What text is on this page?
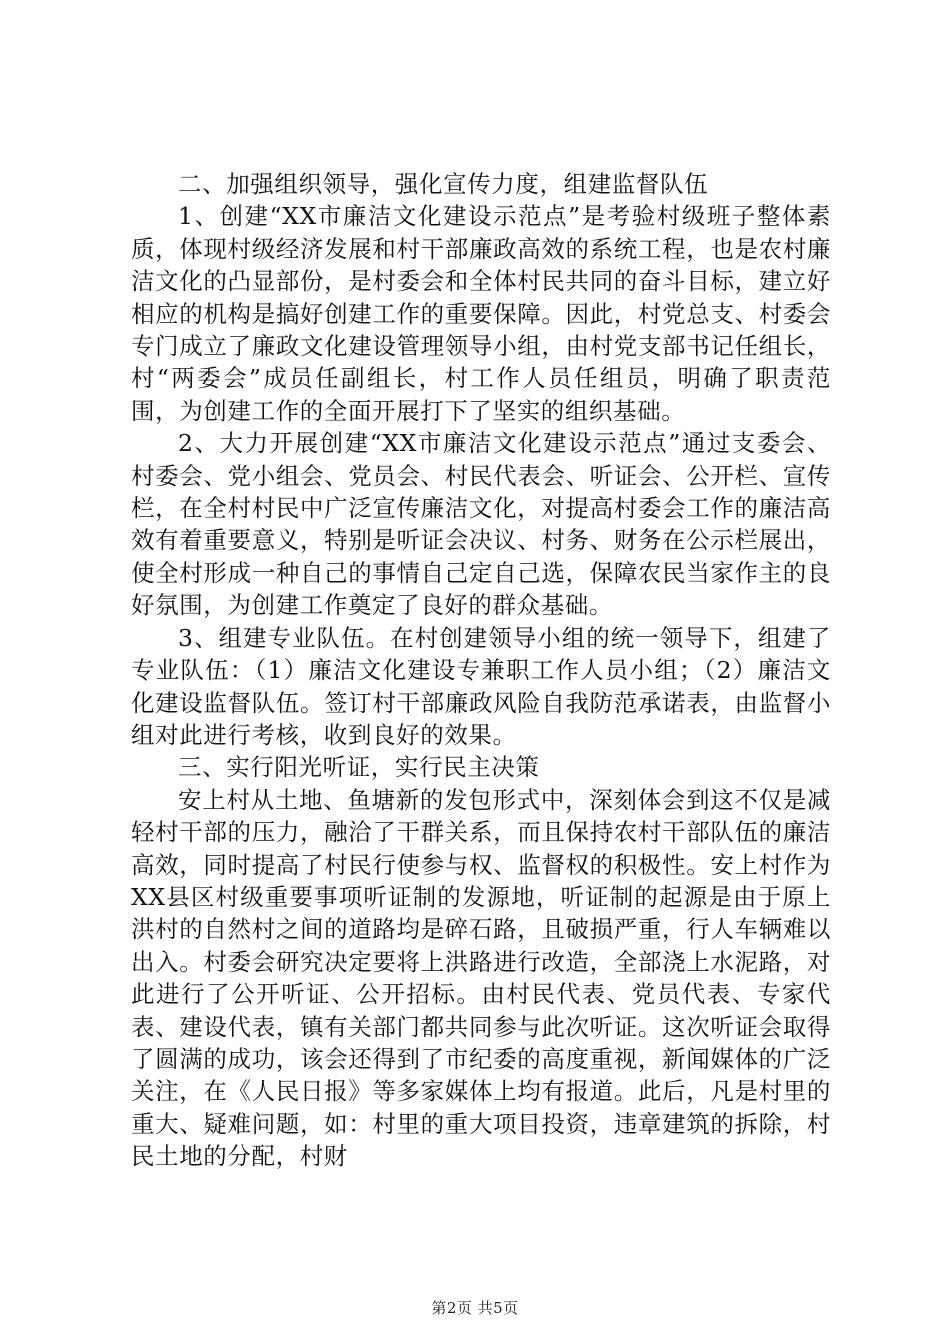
二、加强组织领导，强化宣传力度，组建监督队伍

1、创建“XX市廉洁文化建设示范点”是考验村级班子整体素质，体现村级经济发展和村干部廉政高效的系统工程，也是农村廉洁文化的凸显部份，是村委会和全体村民共同的奋斗目标，建立好相应的机构是搞好创建工作的重要保障。因此，村党总支、村委会专门成立了廉政文化建设管理领导小组，由村党支部书记任组长，村“两委会”成员任副组长，村工作人员任组员，明确了职责范围，为创建工作的全面开展打下了坚实的组织基础。

2、大力开展创建“XX市廉洁文化建设示范点”通过支委会、村委会、党小组会、党员会、村民代表会、听证会、公开栏、宣传栏，在全村村民中广泛宣传廉洁文化，对提高村委会工作的廉洁高效有着重要意义，特别是听证会决议、村务、财务在公示栏展出，使全村形成一种自己的事情自己定自己选，保障农民当家作主的良好氛围，为创建工作奠定了良好的群众基础。

3、组建专业队伍。在村创建领导小组的统一领导下，组建了专业队伍：（1）廉洁文化建设专兼职工作人员小组；（2）廉洁文化建设监督队伍。签订村干部廉政风险自我防范承诺表，由监督小组对此进行考核，收到良好的效果。

三、实行阳光听证，实行民主决策

安上村从土地、鱼塘新的发包形式中，深刻体会到这不仅是减轻村干部的压力，融洽了干群关系，而且保持农村干部队伍的廉洁高效，同时提高了村民行使参与权、监督权的积极性。安上村作为XX县区村级重要事项听证制的发源地，听证制的起源是由于原上洪村的自然村之间的道路均是碎石路，且破损严重，行人车辆难以出入。村委会研究决定要将上洪路进行改造，全部浇上水泥路，对此进行了公开听证、公开招标。由村民代表、党员代表、专家代表、建设代表，镇有关部门都共同参与此次听证。这次听证会取得了圆满的成功，该会还得到了市纪委的高度重视，新闻媒体的广泛关注，在《人民日报》等多家媒体上均有报道。此后，凡是村里的重大、疑难问题，如：村里的重大项目投资，违章建筑的拆除，村民土地的分配，村财

第2页 共5页
